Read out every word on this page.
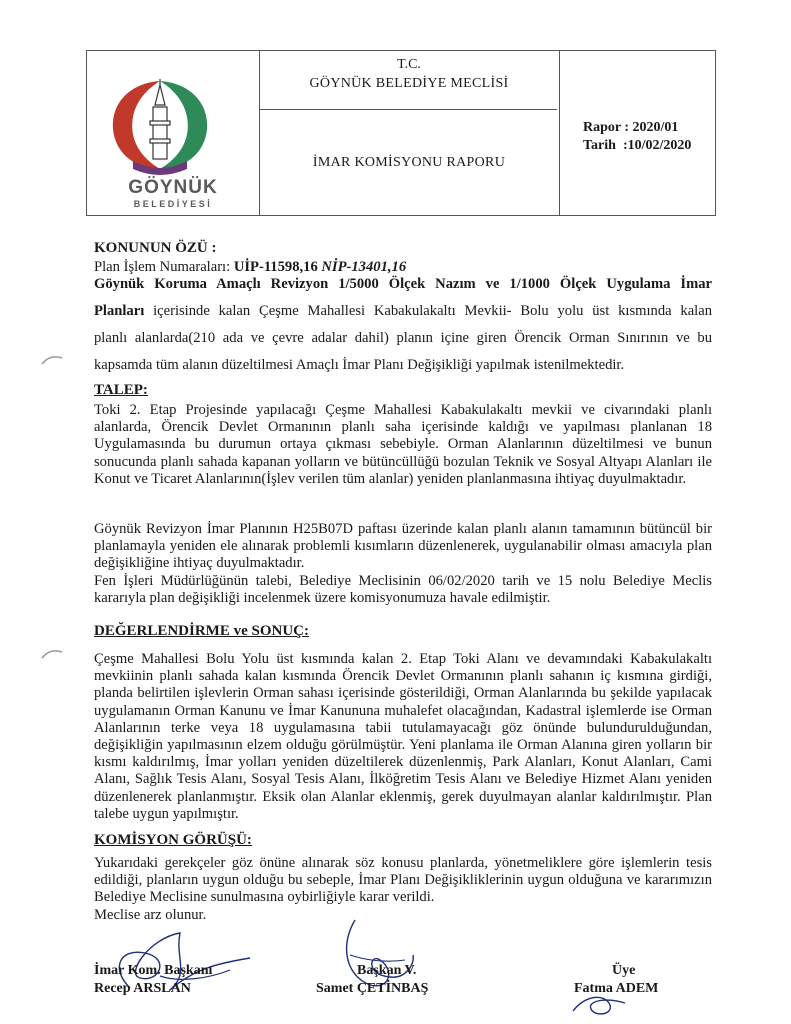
GÖYNÜK
BELEDİYESİ
T.C.
GÖYNÜK BELEDİYE MECLİSİ
İMAR KOMİSYONU RAPORU
Rapor : 2020/01
Tarih  :10/02/2020
KONUNUN ÖZÜ :
Plan İşlem Numaraları: UİP-11598,16 NİP-13401,16
Göynük Koruma Amaçlı Revizyon 1/5000 Ölçek Nazım ve 1/1000 Ölçek Uygulama İmar
Planları içerisinde kalan Çeşme Mahallesi Kabakulakaltı Mevkii- Bolu yolu üst kısmında kalan
planlı alanlarda(210 ada ve çevre adalar dahil) planın içine giren Örencik Orman Sınırının ve bu
kapsamda tüm alanın düzeltilmesi Amaçlı İmar Planı Değişikliği yapılmak istenilmektedir.
TALEP:
Toki 2. Etap Projesinde yapılacağı Çeşme Mahallesi Kabakulakaltı mevkii ve civarındaki planlı alanlarda, Örencik Devlet Ormanının planlı saha içerisinde kaldığı ve yapılması planlanan 18 Uygulamasında bu durumun ortaya çıkması sebebiyle. Orman Alanlarının düzeltilmesi ve bunun sonucunda planlı sahada kapanan yolların ve bütüncüllüğü bozulan Teknik ve Sosyal Altyapı Alanları ile Konut ve Ticaret Alanlarının(İşlev verilen tüm alanlar) yeniden planlanmasına ihtiyaç duyulmaktadır.
Göynük Revizyon İmar Planının H25B07D paftası üzerinde kalan planlı alanın tamamının bütüncül bir planlamayla yeniden ele alınarak problemli kısımların düzenlenerek, uygulanabilir olması amacıyla plan değişikliğine ihtiyaç duyulmaktadır.
Fen İşleri Müdürlüğünün talebi, Belediye Meclisinin 06/02/2020 tarih ve 15 nolu Belediye Meclis kararıyla plan değişikliği incelenmek üzere komisyonumuza havale edilmiştir.
DEĞERLENDİRME ve SONUÇ:
Çeşme Mahallesi Bolu Yolu üst kısmında kalan 2. Etap Toki Alanı ve devamındaki Kabakulakaltı mevkiinin planlı sahada kalan kısmında Örencik Devlet Ormanının planlı sahanın iç kısmına girdiği, planda belirtilen işlevlerin Orman sahası içerisinde gösterildiği, Orman Alanlarında bu şekilde yapılacak uygulamanın Orman Kanunu ve İmar Kanununa muhalefet olacağından, Kadastral işlemlerde ise Orman Alanlarının terke veya 18 uygulamasına tabii tutulamayacağı göz önünde bulundurulduğundan, değişikliğin yapılmasının elzem olduğu görülmüştür. Yeni planlama ile Orman Alanına giren yolların bir kısmı kaldırılmış, İmar yolları yeniden düzeltilerek düzenlenmiş, Park Alanları, Konut Alanları, Cami Alanı, Sağlık Tesis Alanı, Sosyal Tesis Alanı, İlköğretim Tesis Alanı ve Belediye Hizmet Alanı yeniden düzenlenerek planlanmıştır. Eksik olan Alanlar eklenmiş, gerek duyulmayan alanlar kaldırılmıştır. Plan talebe uygun yapılmıştır.
KOMİSYON GÖRÜŞÜ:
Yukarıdaki gerekçeler göz önüne alınarak söz konusu planlarda, yönetmeliklere göre işlemlerin tesis edildiği, planların uygun olduğu bu sebeple, İmar Planı Değişikliklerinin uygun olduğuna ve kararımızın Belediye Meclisine sunulmasına oybirliğiyle karar verildi.
Meclise arz olunur.
İmar Kom. Başkanı
Recep ARSLAN
Başkan V.
Samet ÇETİNBAŞ
Üye
Fatma ADEM
